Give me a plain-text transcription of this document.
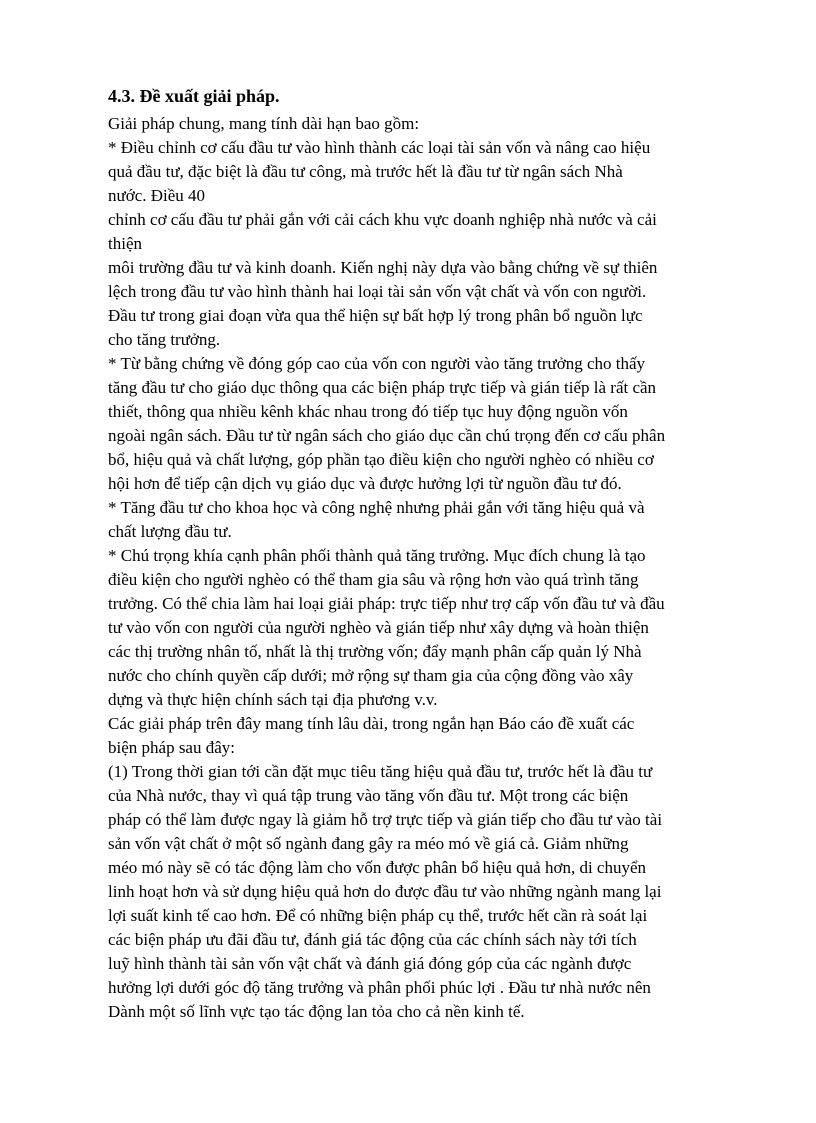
4.3. Đề xuất giải pháp.
Giải pháp chung, mang tính dài hạn bao gồm:
* Điều chỉnh cơ cấu đầu tư vào hình thành các loại tài sản vốn và nâng cao hiệu
quả đầu tư, đặc biệt là đầu tư công, mà trước hết là đầu tư từ ngân sách Nhà
nước. Điều 40
chỉnh cơ cấu đầu tư phải gắn với cải cách khu vực doanh nghiệp nhà nước và cải
thiện
môi trường đầu tư và kinh doanh. Kiến nghị này dựa vào bằng chứng về sự thiên
lệch trong đầu tư vào hình thành hai loại tài sản vốn vật chất và vốn con người.
Đầu tư trong giai đoạn vừa qua thể hiện sự bất hợp lý trong phân bổ nguồn lực
cho tăng trưởng.
* Từ bằng chứng về đóng góp cao của vốn con người vào tăng trưởng cho thấy
tăng đầu tư cho giáo dục thông qua các biện pháp trực tiếp và gián tiếp là rất cần
thiết, thông qua nhiều kênh khác nhau trong đó tiếp tục huy động nguồn vốn
ngoài ngân sách. Đầu tư từ ngân sách cho giáo dục cần chú trọng đến cơ cấu phân
bổ, hiệu quả và chất lượng, góp phần tạo điều kiện cho người nghèo có nhiều cơ
hội hơn để tiếp cận dịch vụ giáo dục và được hưởng lợi từ nguồn đầu tư đó.
* Tăng đầu tư cho khoa học và công nghệ nhưng phải gắn với tăng hiệu quả và
chất lượng đầu tư.
* Chú trọng khía cạnh phân phối thành quả tăng trưởng. Mục đích chung là tạo
điều kiện cho người nghèo có thể tham gia sâu và rộng hơn vào quá trình tăng
trưởng. Có thể chia làm hai loại giải pháp: trực tiếp như trợ cấp vốn đầu tư và đầu
tư vào vốn con người của người nghèo và gián tiếp như xây dựng và hoàn thiện
các thị trường nhân tố, nhất là thị trường vốn; đẩy mạnh phân cấp quản lý Nhà
nước cho chính quyền cấp dưới; mở rộng sự tham gia của cộng đồng vào xây
dựng và thực hiện chính sách tại địa phương v.v.
Các giải pháp trên đây mang tính lâu dài, trong ngắn hạn Báo cáo đề xuất các
biện pháp sau đây:
(1) Trong thời gian tới cần đặt mục tiêu tăng hiệu quả đầu tư, trước hết là đầu tư
của Nhà nước, thay vì quá tập trung vào tăng vốn đầu tư. Một trong các biện
pháp có thể làm được ngay là giảm hỗ trợ trực tiếp và gián tiếp cho đầu tư vào tài
sản vốn vật chất ở một số ngành đang gây ra méo mó về giá cả. Giảm những
méo mó này sẽ có tác động làm cho vốn được phân bổ hiệu quả hơn, di chuyển
linh hoạt hơn và sử dụng hiệu quả hơn do được đầu tư vào những ngành mang lại
lợi suất kinh tế cao hơn. Để có những biện pháp cụ thể, trước hết cần rà soát lại
các biện pháp ưu đãi đầu tư, đánh giá tác động của các chính sách này tới tích
luỹ hình thành tài sản vốn vật chất và đánh giá đóng góp của các ngành được
hưởng lợi dưới góc độ tăng trưởng và phân phối phúc lợi . Đầu tư nhà nước nên
Dành một số lĩnh vực tạo tác động lan tỏa cho cả nền kinh tế.
